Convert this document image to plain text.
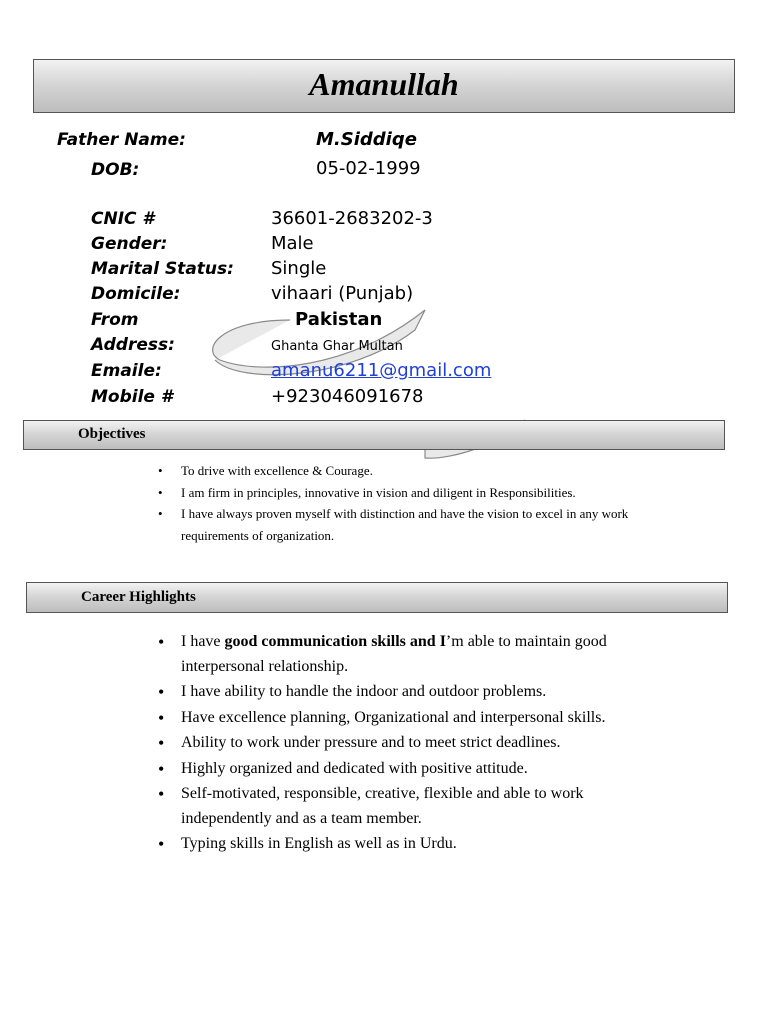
Amanullah
Father Name:	M.Siddiqe
DOB:	05-02-1999
CNIC #	36601-2683202-3
Gender:	Male
Marital Status: Single
Domicile:	vihaari (Punjab)
From	Pakistan
Address:	Ghanta Ghar Multan
Emaile:	amanu6211@gmail.com
Mobile #	+923046091678
Objectives
• To drive with excellence & Courage.
• I am firm in principles, innovative in vision and diligent in Responsibilities.
• I have always proven myself with distinction and have the vision to excel in any work requirements of organization.
Career Highlights
• I have good communication skills and I’m able to maintain good interpersonal relationship.
• I have ability to handle the indoor and outdoor problems.
• Have excellence planning, Organizational and interpersonal skills.
• Ability to work under pressure and to meet strict deadlines.
• Highly organized and dedicated with positive attitude.
• Self-motivated, responsible, creative, flexible and able to work independently and as a team member.
• Typing skills in English as well as in Urdu.
